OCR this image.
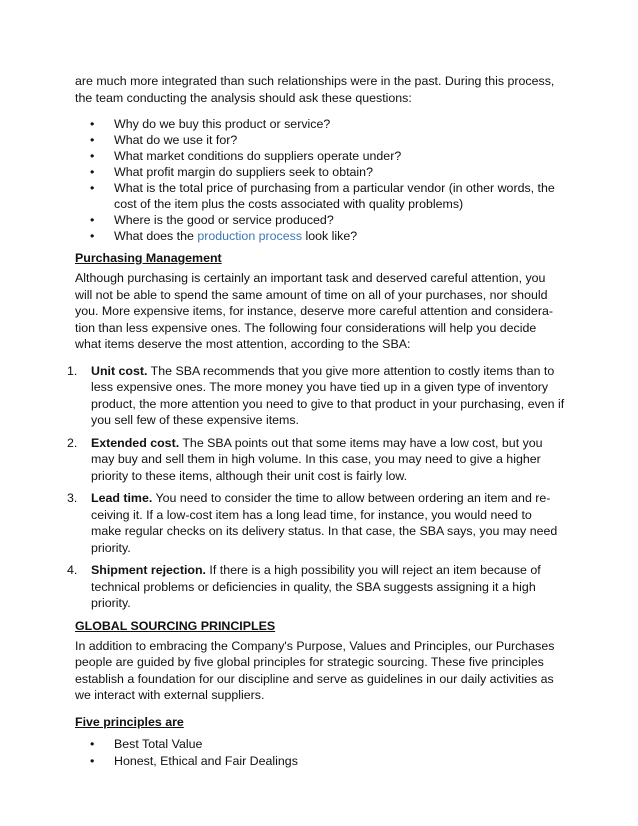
are much more integrated than such relationships were in the past. During this process, the team conducting the analysis should ask these questions:

• Why do we buy this product or service?
• What do we use it for?
• What market conditions do suppliers operate under?
• What profit margin do suppliers seek to obtain?
• What is the total price of purchasing from a particular vendor (in other words, the cost of the item plus the costs associated with quality problems)
• Where is the good or service produced?
• What does the production process look like?
Purchasing Management

Although purchasing is certainly an important task and deserved careful attention, you will not be able to spend the same amount of time on all of your purchases, nor should you. More expensive items, for instance, deserve more careful attention and considera-tion than less expensive ones. The following four considerations will help you decide what items deserve the most attention, according to the SBA:

1. Unit cost. The SBA recommends that you give more attention to costly items than to less expensive ones. The more money you have tied up in a given type of inventory product, the more attention you need to give to that product in your purchasing, even if you sell few of these expensive items.
2. Extended cost. The SBA points out that some items may have a low cost, but you may buy and sell them in high volume. In this case, you may need to give a higher priority to these items, although their unit cost is fairly low.
3. Lead time. You need to consider the time to allow between ordering an item and re-ceiving it. If a low-cost item has a long lead time, for instance, you would need to make regular checks on its delivery status. In that case, the SBA says, you may need priority.
4. Shipment rejection. If there is a high possibility you will reject an item because of technical problems or deficiencies in quality, the SBA suggests assigning it a high priority.
GLOBAL SOURCING PRINCIPLES

In addition to embracing the Company's Purpose, Values and Principles, our Purchases people are guided by five global principles for strategic sourcing. These five principles establish a foundation for our discipline and serve as guidelines in our daily activities as we interact with external suppliers.

Five principles are
• Best Total Value
• Honest, Ethical and Fair Dealings
